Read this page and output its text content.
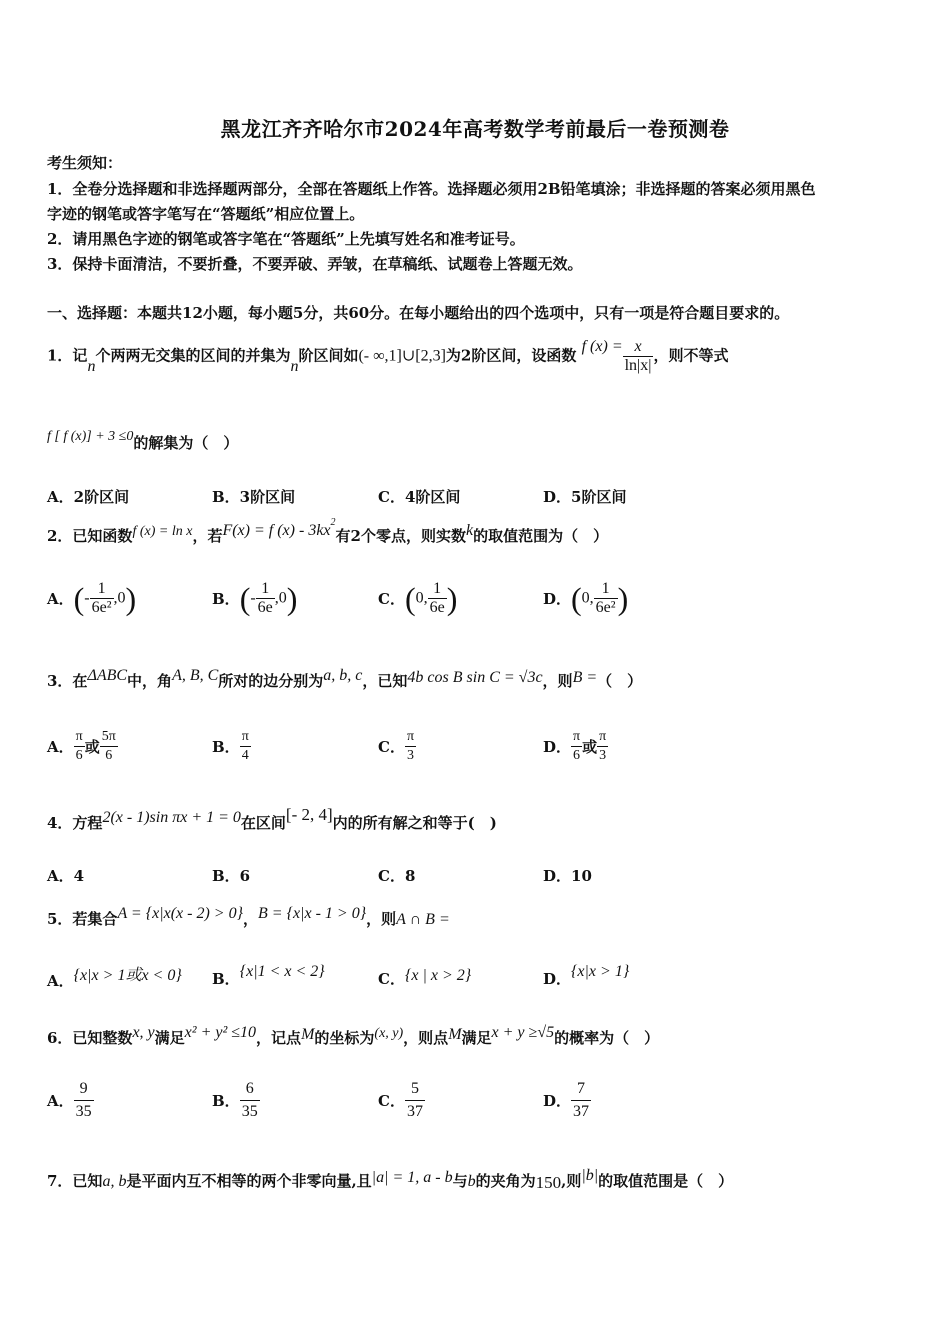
黑龙江齐齐哈尔市2024年高考数学考前最后一卷预测卷
考生须知：
1．全卷分选择题和非选择题两部分，全部在答题纸上作答。选择题必须用2B铅笔填涂；非选择题的答案必须用黑色
字迹的钢笔或答字笔写在“答题纸”相应位置上。
2．请用黑色字迹的钢笔或答字笔在“答题纸”上先填写姓名和准考证号。
3．保持卡面清洁，不要折叠，不要弄破、弄皱，在草稿纸、试题卷上答题无效。
一、选择题：本题共12小题，每小题5分，共60分。在每小题给出的四个选项中，只有一项是符合题目要求的。
1．记n个两两无交集的区间的并集为n阶区间如(- ∞,1]∪[2,3]为2阶区间，设函数 f $(x) = \frac{x}{\ln|x|}$ ，则不等式
f [ f (x)] + 3 ≤0的解集为（　）
A．2阶区间	B．3阶区间	C．4阶区间	D．5阶区间
2．已知函数f (x) = ln x，若F(x) = f $(x) - 3kx^2$有2个零点，则实数k的取值范围为（　）
A．(- $\frac{1}{\text{6e²}} ,0$)	B．(- $\frac{1}{6e} ,0$)	C．(0, $\frac{1}{6e}$ )	D．(0, $\frac{1}{\text{6e²}}$ )
3．在ΔABC中，角A, B, C所对的边分别为a, b, c，已知4b cos B sin C = √3c，则B =（　）
A． $\frac{\pi}{6}$ 或 $\frac{5\pi}{6}$	B． $\frac{\pi}{4}$	C． $\frac{\pi}{3}$	D． $\frac{\pi}{6}$ 或 $\frac{\pi}{3}$
4．方程2(x - 1)sin πx + 1 = 0在区间[- 2, 4]内的所有解之和等于(　)
A．4	B．6	C．8	D．10
5．若集合A = {x|x(x - 2) > 0}，B = {x|x - 1 > 0}，则A ∩ B =
A．{x|x > 1或x < 0} B．{x|1 < x < 2}	C．{x | x > 2}	D．{x|x > 1}
6．已知整数x, y满足x² + y² ≤10，记点M的坐标为(x, y)，则点M满足x + y ≥√5的概率为（　）
A． $\frac{9}{35}$	B． $\frac{6}{35}$	C． $\frac{5}{37}$	D． $\frac{7}{37}$
7．已知a, b是平面内互不相等的两个非零向量,且|a| = 1, a - b与b的夹角为150,则|b|的取值范围是（　）
